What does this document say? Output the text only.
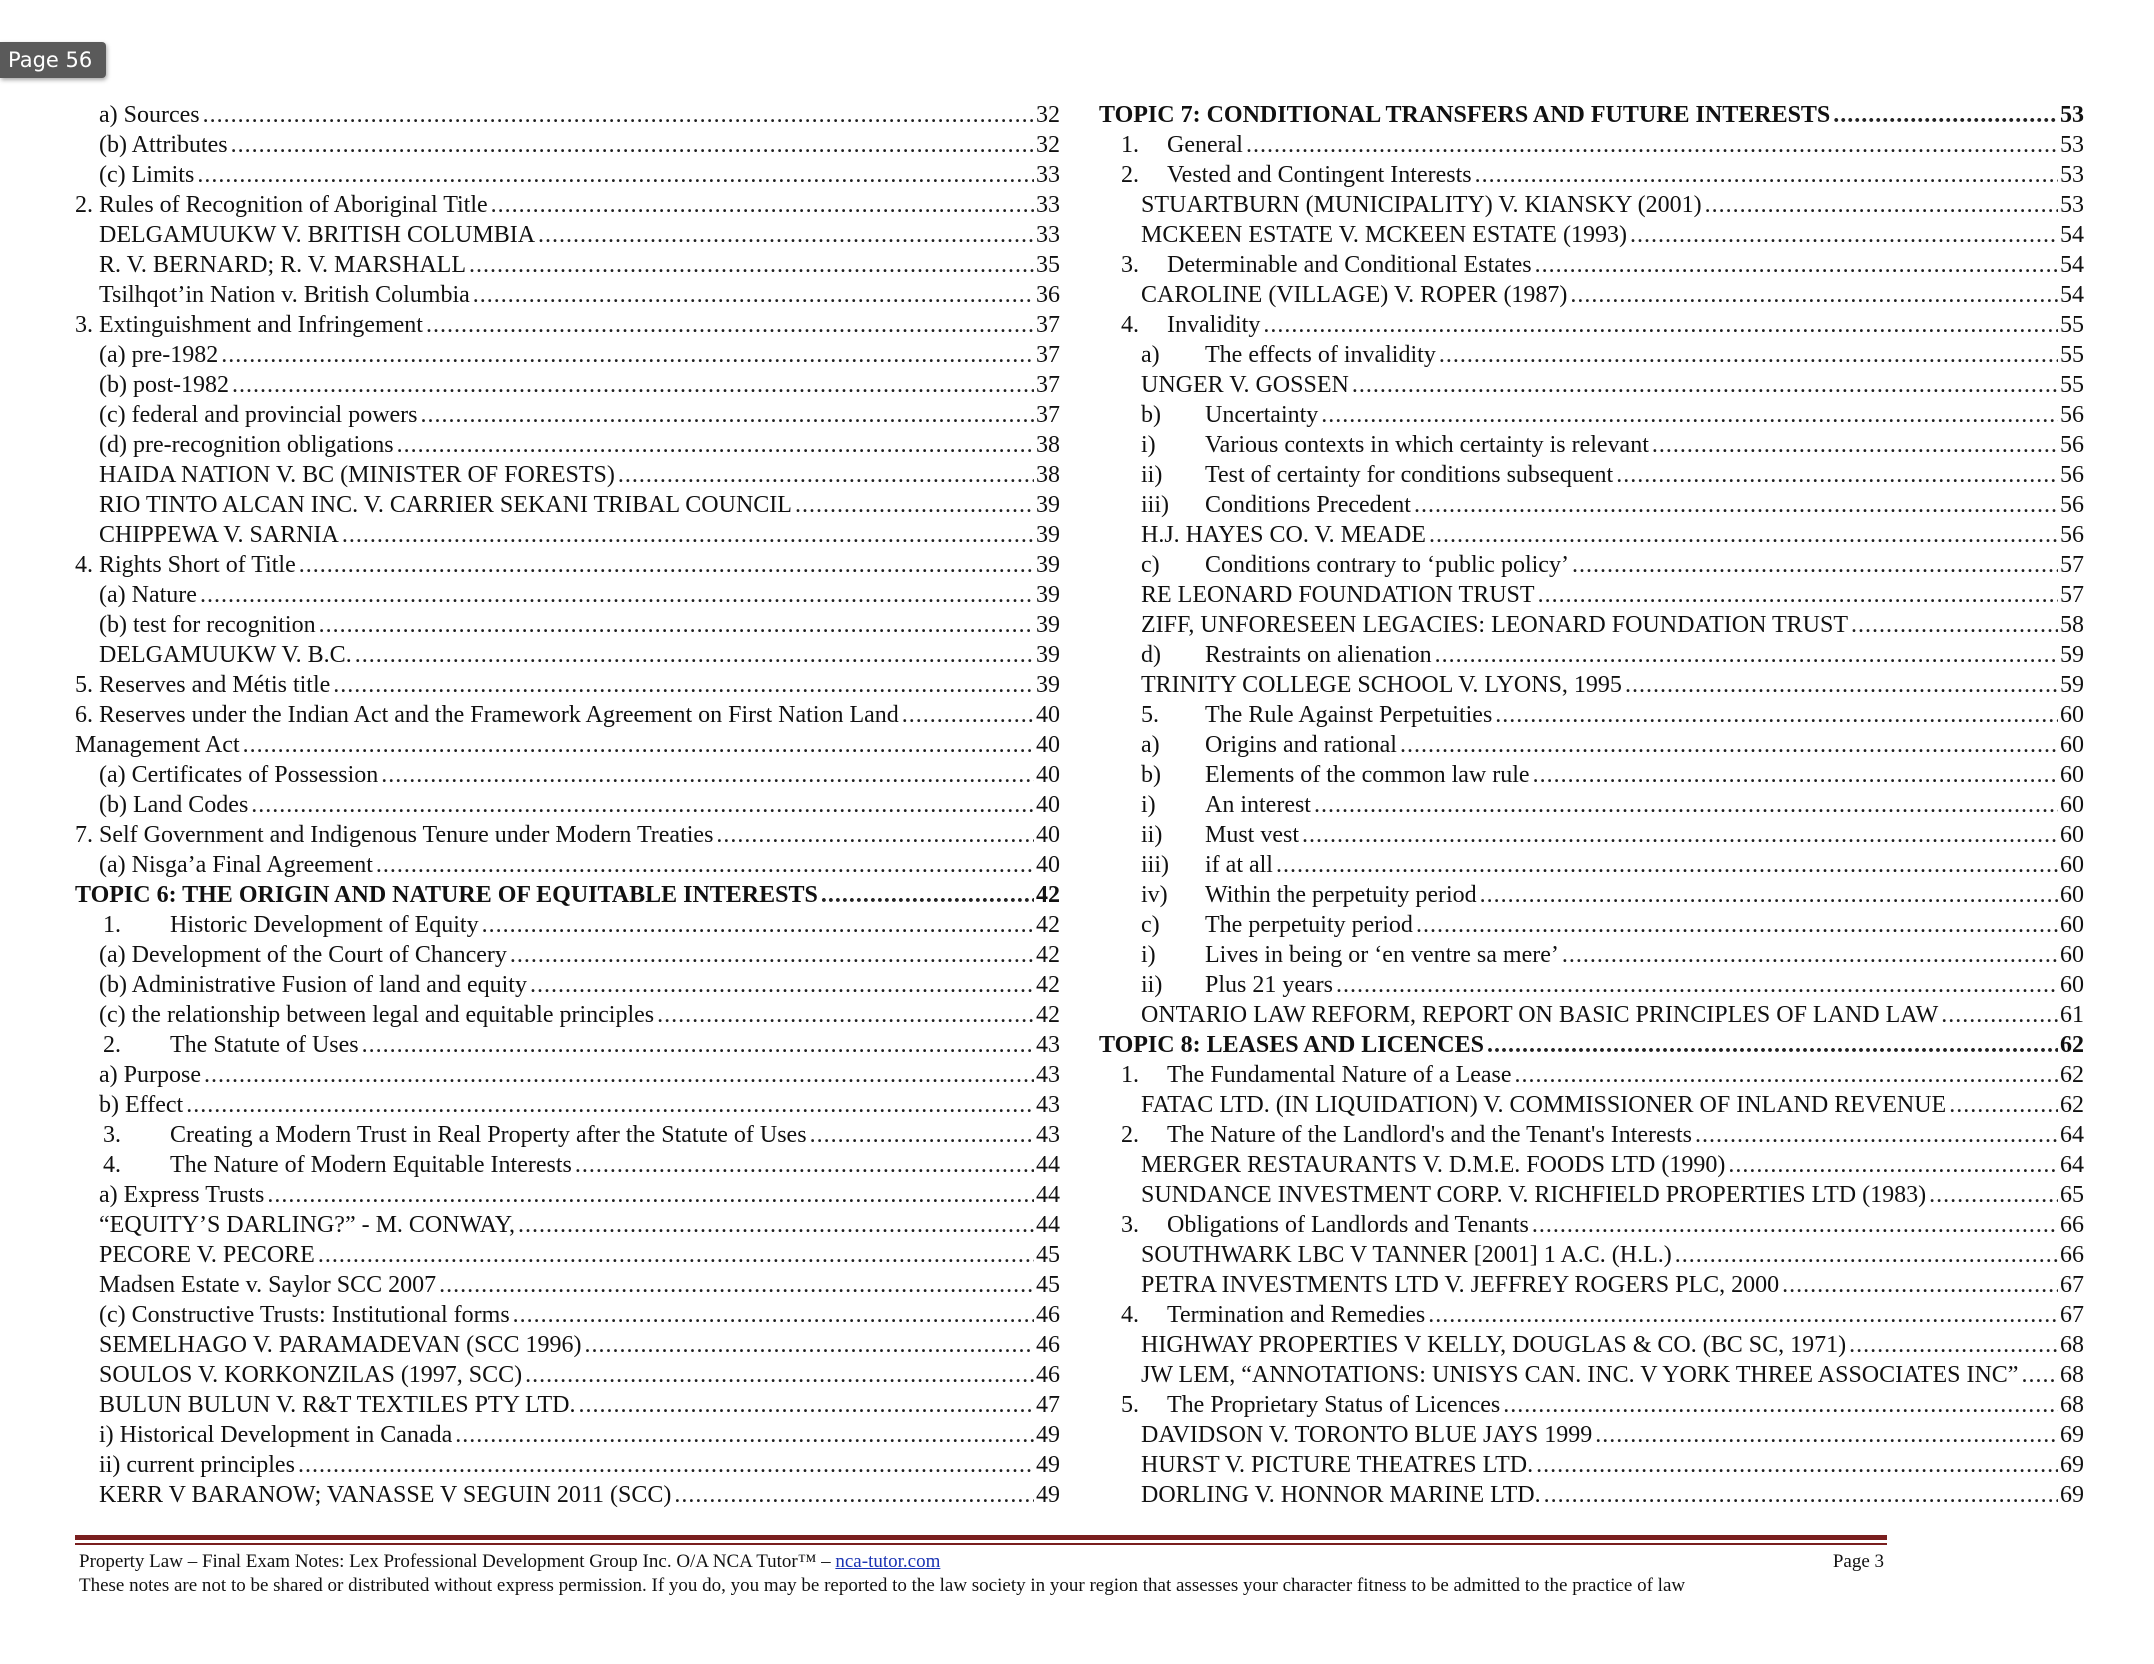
Page 56
a) Sources .....	32
(b) Attributes .....	32
(c) Limits .....	33
2. Rules of Recognition of Aboriginal Title .....	33
DELGAMUUKW V. BRITISH COLUMBIA .....	33
R. V. BERNARD; R. V. MARSHALL .....	35
Tsilhqot’in Nation v. British Columbia .....	36
3. Extinguishment and Infringement .....	37
(a) pre-1982 .....	37
(b) post-1982 .....	37
(c) federal and provincial powers .....	37
(d) pre-recognition obligations .....	38
HAIDA NATION V. BC (MINISTER OF FORESTS) .....	38
RIO TINTO ALCAN INC. V. CARRIER SEKANI TRIBAL COUNCIL .....	39
CHIPPEWA V. SARNIA .....	39
4. Rights Short of Title .....	39
(a) Nature .....	39
(b) test for recognition .....	39
DELGAMUUKW V. B.C. .....	39
5. Reserves and Métis title .....	39
6. Reserves under the Indian Act and the Framework Agreement on First Nation Land .....	40
Management Act .....	40
(a) Certificates of Possession .....	40
(b) Land Codes .....	40
7. Self Government and Indigenous Tenure under Modern Treaties .....	40
(a) Nisga’a Final Agreement .....	40
TOPIC 6: THE ORIGIN AND NATURE OF EQUITABLE INTERESTS .....	42
1.	Historic Development of Equity .....	42
(a) Development of the Court of Chancery .....	42
(b) Administrative Fusion of land and equity .....	42
(c) the relationship between legal and equitable principles .....	42
2.	The Statute of Uses .....	43
a) Purpose .....	43
b) Effect .....	43
3.	Creating a Modern Trust in Real Property after the Statute of Uses .....	43
4.	The Nature of Modern Equitable Interests .....	44
a) Express Trusts .....	44
“EQUITY’S DARLING?” - M. CONWAY, .....	44
PECORE V. PECORE .....	45
Madsen Estate v. Saylor SCC 2007 .....	45
(c) Constructive Trusts: Institutional forms .....	46
SEMELHAGO V. PARAMADEVAN (SCC 1996) .....	46
SOULOS V. KORKONZILAS (1997, SCC) .....	46
BULUN BULUN V. R&T TEXTILES PTY LTD. .....	47
i) Historical Development in Canada .....	49
ii) current principles .....	49
KERR V BARANOW; VANASSE V SEGUIN 2011 (SCC) .....	49
TOPIC 7: CONDITIONAL TRANSFERS AND FUTURE INTERESTS .....	53
1.	General .....	53
2.	Vested and Contingent Interests .....	53
STUARTBURN (MUNICIPALITY) V. KIANSKY (2001) .....	53
MCKEEN ESTATE V. MCKEEN ESTATE (1993) .....	54
3.	Determinable and Conditional Estates .....	54
CAROLINE (VILLAGE) V. ROPER (1987) .....	54
4.	Invalidity .....	55
a)	The effects of invalidity .....	55
UNGER V. GOSSEN .....	55
b)	Uncertainty .....	56
i)	Various contexts in which certainty is relevant .....	56
ii)	Test of certainty for conditions subsequent .....	56
iii)	Conditions Precedent .....	56
H.J. HAYES CO. V. MEADE .....	56
c)	Conditions contrary to ‘public policy’ .....	57
RE LEONARD FOUNDATION TRUST .....	57
ZIFF, UNFORESEEN LEGACIES: LEONARD FOUNDATION TRUST .....	58
d)	Restraints on alienation .....	59
TRINITY COLLEGE SCHOOL V. LYONS, 1995 .....	59
5.	The Rule Against Perpetuities .....	60
a)	Origins and rational .....	60
b)	Elements of the common law rule .....	60
i)	An interest .....	60
ii)	Must vest .....	60
iii)	if at all .....	60
iv)	Within the perpetuity period .....	60
c)	The perpetuity period .....	60
i)	Lives in being or ‘en ventre sa mere’ .....	60
ii)	Plus 21 years .....	60
ONTARIO LAW REFORM, REPORT ON BASIC PRINCIPLES OF LAND LAW .....	61
TOPIC 8: LEASES AND LICENCES .....	62
1.	The Fundamental Nature of a Lease .....	62
FATAC LTD. (IN LIQUIDATION) V. COMMISSIONER OF INLAND REVENUE .....	62
2.	The Nature of the Landlord's and the Tenant's Interests .....	64
MERGER RESTAURANTS V. D.M.E. FOODS LTD (1990) .....	64
SUNDANCE INVESTMENT CORP. V. RICHFIELD PROPERTIES LTD (1983) .....	65
3.	Obligations of Landlords and Tenants .....	66
SOUTHWARK LBC V TANNER [2001] 1 A.C. (H.L.) .....	66
PETRA INVESTMENTS LTD V. JEFFREY ROGERS PLC, 2000 .....	67
4.	Termination and Remedies .....	67
HIGHWAY PROPERTIES V KELLY, DOUGLAS & CO. (BC SC, 1971) .....	68
JW LEM, “ANNOTATIONS: UNISYS CAN. INC. V YORK THREE ASSOCIATES INC” ..... 68
5.	The Proprietary Status of Licences .....	68
DAVIDSON V. TORONTO BLUE JAYS 1999 .....	69
HURST V. PICTURE THEATRES LTD. .....	69
DORLING V. HONNOR MARINE LTD. .....	69
Property Law – Final Exam Notes: Lex Professional Development Group Inc. O/A NCA Tutor™ – nca-tutor.com	Page 3
These notes are not to be shared or distributed without express permission. If you do, you may be reported to the law society in your region that assesses your character fitness to be admitted to the practice of law
